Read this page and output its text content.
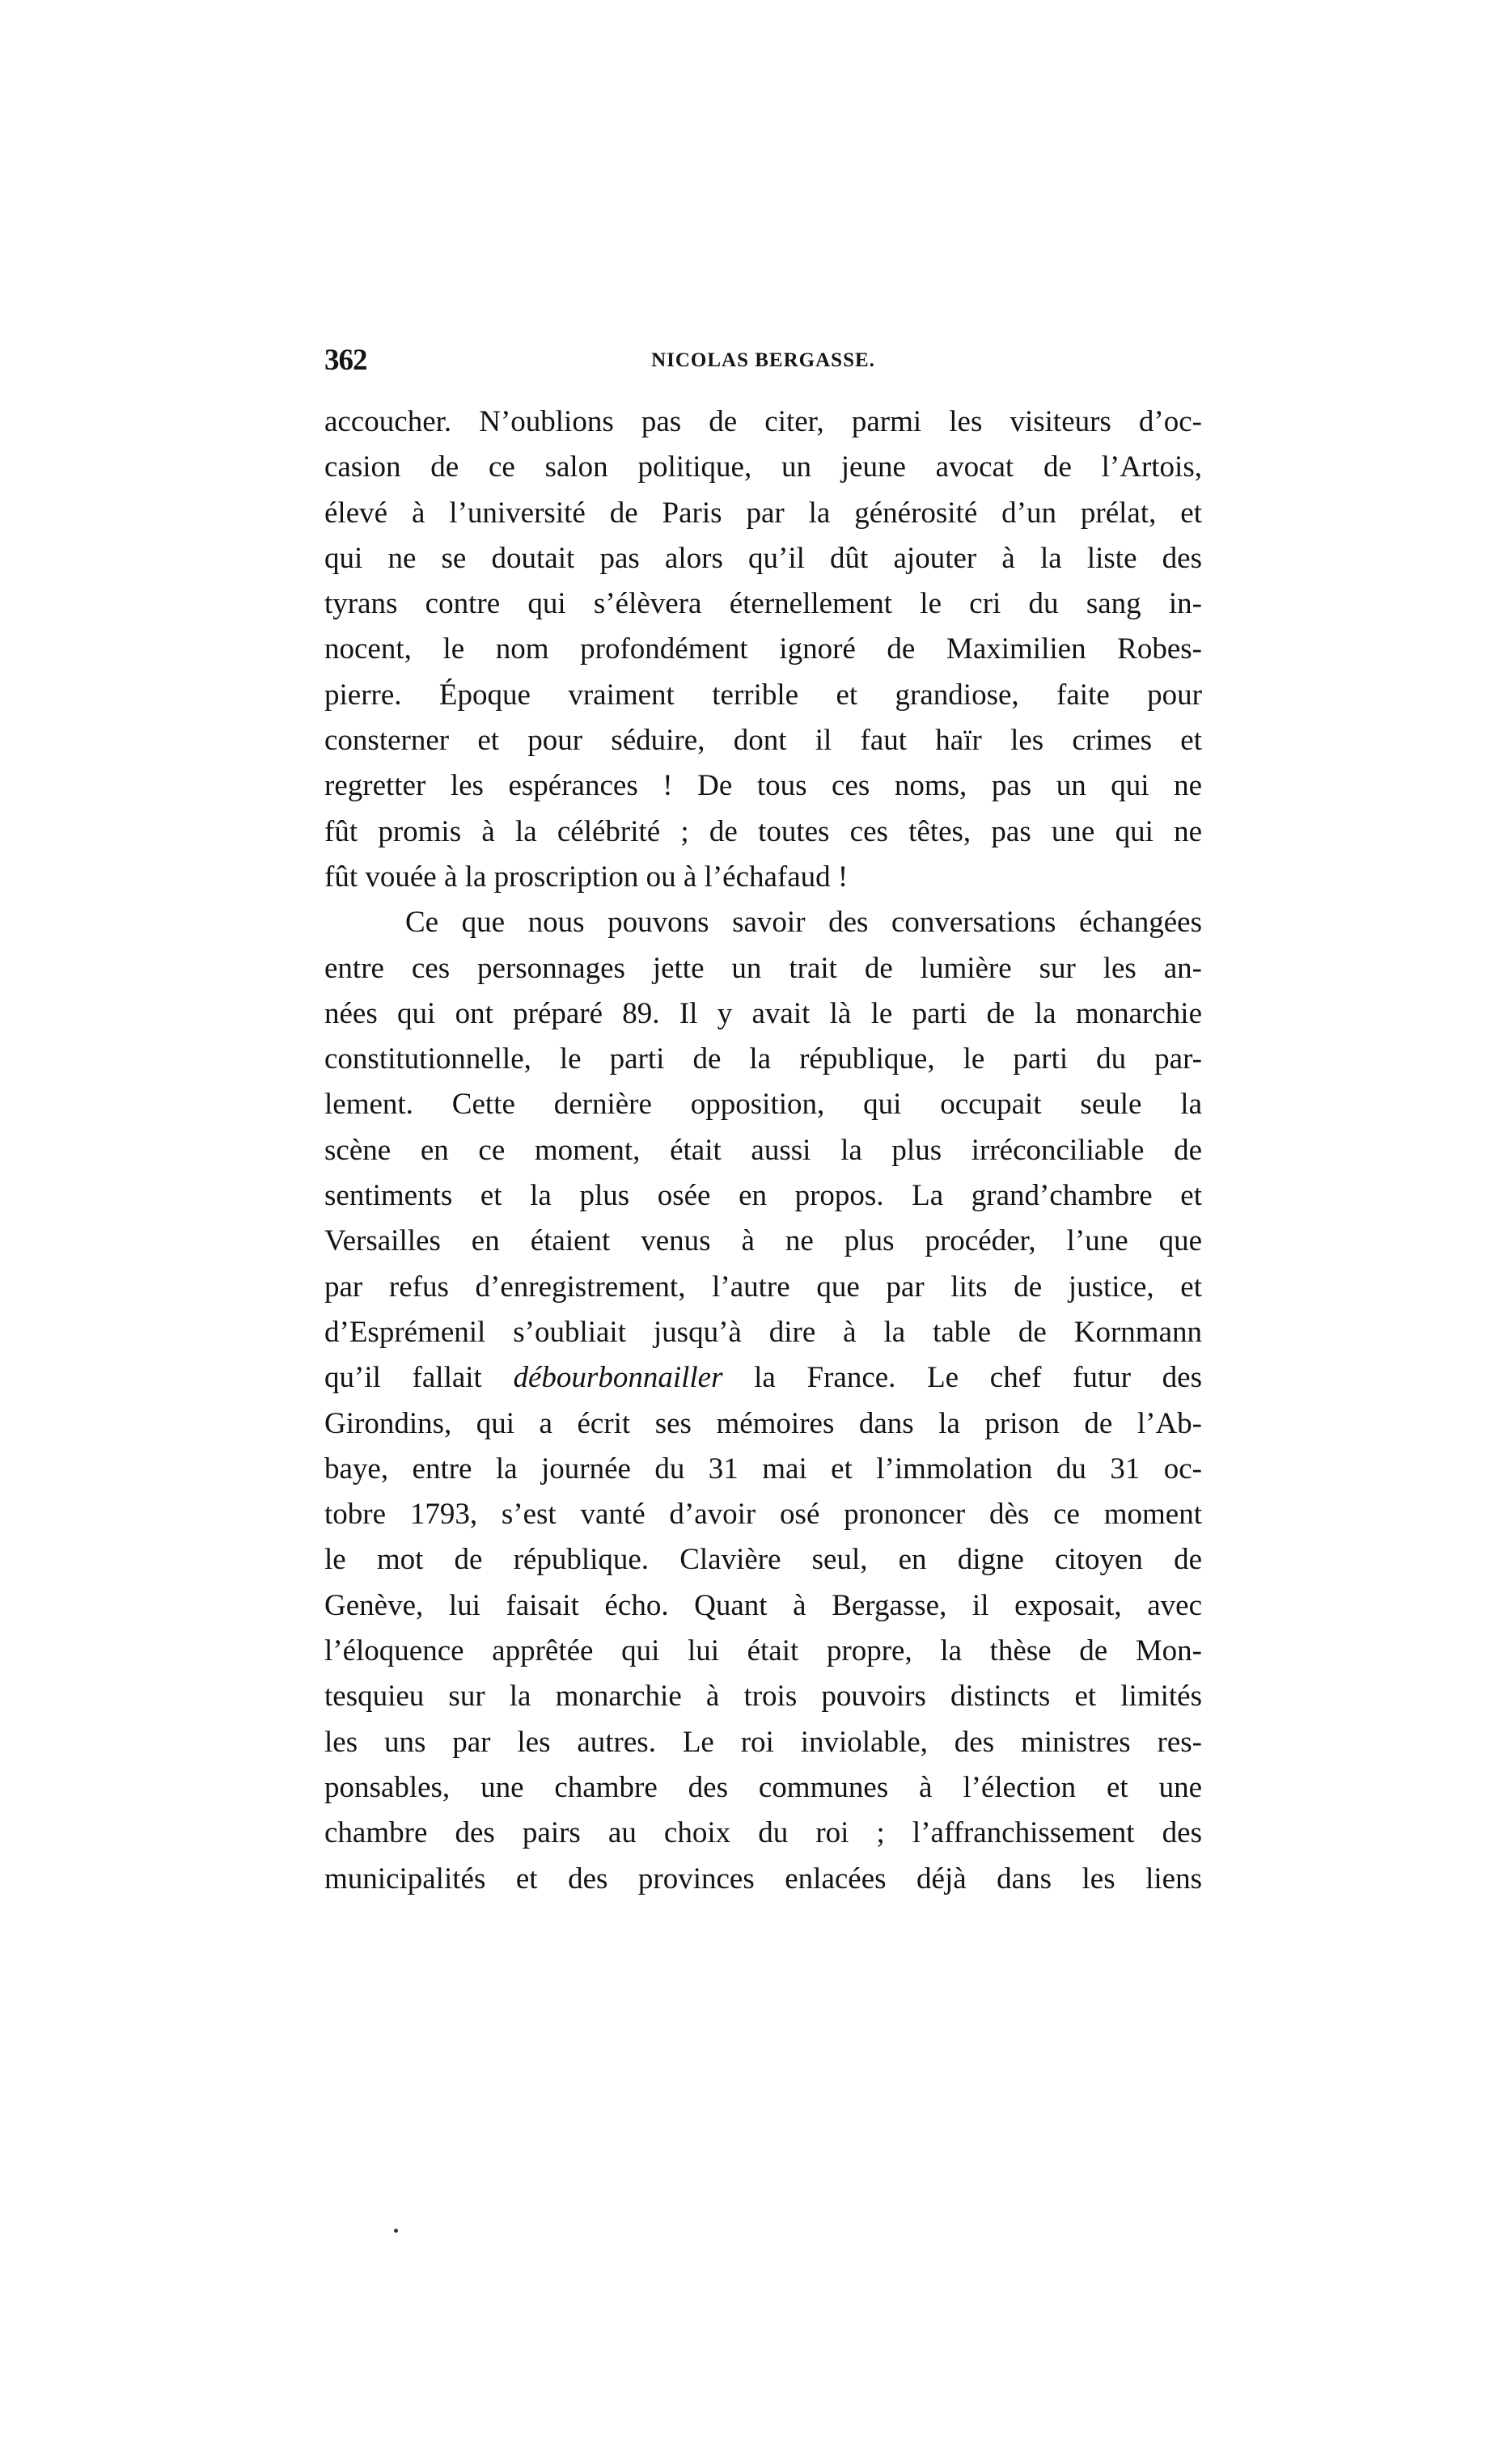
362	NICOLAS BERGASSE.
accoucher. N’oublions pas de citer, parmi les visiteurs d’oc-
casion de ce salon politique, un jeune avocat de l’Artois,
élevé à l’université de Paris par la générosité d’un prélat, et
qui ne se doutait pas alors qu’il dût ajouter à la liste des
tyrans contre qui s’élèvera éternellement le cri du sang in-
nocent, le nom profondément ignoré de Maximilien Robes-
pierre. Époque vraiment terrible et grandiose, faite pour
consterner et pour séduire, dont il faut haïr les crimes et
regretter les espérances ! De tous ces noms, pas un qui ne
fût promis à la célébrité ; de toutes ces têtes, pas une qui ne
fût vouée à la proscription ou à l’échafaud !
Ce que nous pouvons savoir des conversations échangées
entre ces personnages jette un trait de lumière sur les an-
nées qui ont préparé 89. Il y avait là le parti de la monarchie
constitutionnelle, le parti de la république, le parti du par-
lement. Cette dernière opposition, qui occupait seule la
scène en ce moment, était aussi la plus irréconciliable de
sentiments et la plus osée en propos. La grand’chambre et
Versailles en étaient venus à ne plus procéder, l’une que
par refus d’enregistrement, l’autre que par lits de justice, et
d’Esprémenil s’oubliait jusqu’à dire à la table de Kornmann
qu’il fallait débourbonnailler la France. Le chef futur des
Girondins, qui a écrit ses mémoires dans la prison de l’Ab-
baye, entre la journée du 31 mai et l’immolation du 31 oc-
tobre 1793, s’est vanté d’avoir osé prononcer dès ce moment
le mot de république. Clavière seul, en digne citoyen de
Genève, lui faisait écho. Quant à Bergasse, il exposait, avec
l’éloquence apprêtée qui lui était propre, la thèse de Mon-
tesquieu sur la monarchie à trois pouvoirs distincts et limités
les uns par les autres. Le roi inviolable, des ministres res-
ponsables, une chambre des communes à l’élection et une
chambre des pairs au choix du roi ; l’affranchissement des
municipalités et des provinces enlacées déjà dans les liens
